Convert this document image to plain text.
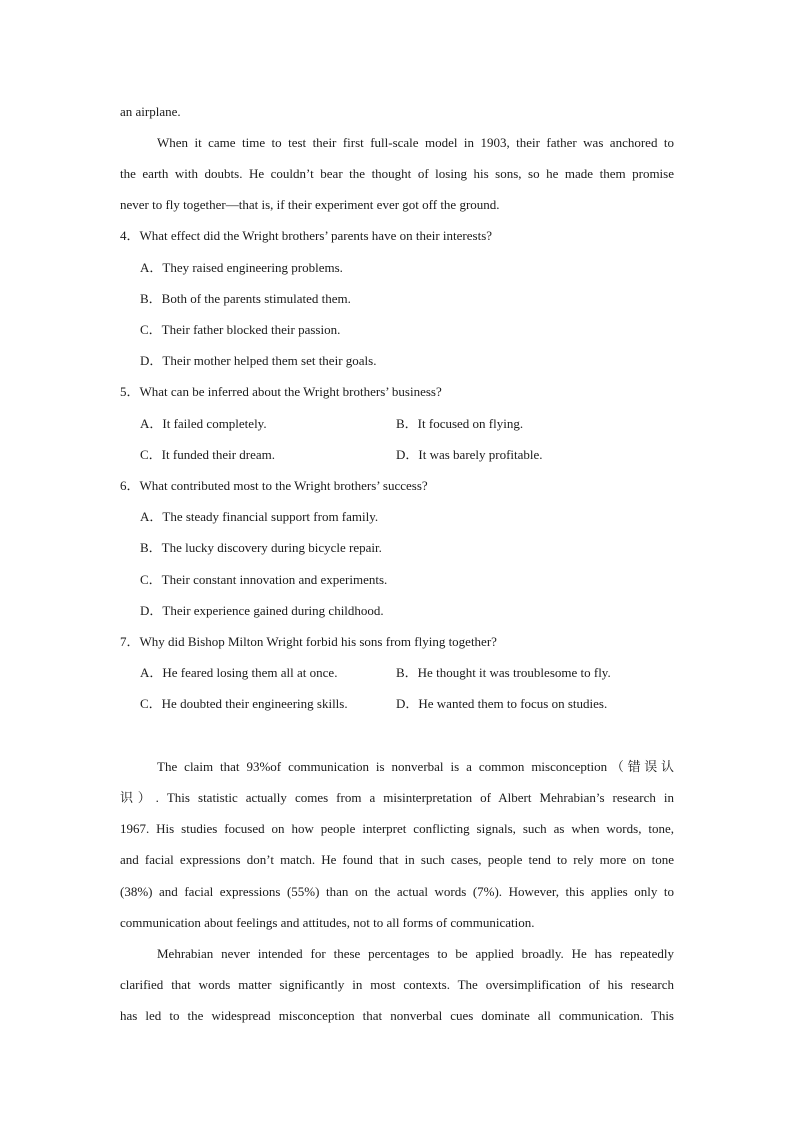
an airplane.
When it came time to test their first full-scale model in 1903, their father was anchored to
the earth with doubts. He couldn’t bear the thought of losing his sons, so he made them promise
never to fly together—that is, if their experiment ever got off the ground.
4．What effect did the Wright brothers’ parents have on their interests?
A．They raised engineering problems.
B．Both of the parents stimulated them.
C．Their father blocked their passion.
D．Their mother helped them set their goals.
5．What can be inferred about the Wright brothers’ business?
A．It failed completely.	B．It focused on flying.
C．It funded their dream.	D．It was barely profitable.
6．What contributed most to the Wright brothers’ success?
A．The steady financial support from family.
B．The lucky discovery during bicycle repair.
C．Their constant innovation and experiments.
D．Their experience gained during childhood.
7．Why did Bishop Milton Wright forbid his sons from flying together?
A．He feared losing them all at once.	B．He thought it was troublesome to fly.
C．He doubted their engineering skills.	D．He wanted them to focus on studies.
The claim that 93%of communication is nonverbal is a common misconception（错误认
识）. This statistic actually comes from a misinterpretation of Albert Mehrabian’s research in
1967. His studies focused on how people interpret conflicting signals, such as when words, tone,
and facial expressions don’t match. He found that in such cases, people tend to rely more on tone
(38%) and facial expressions (55%) than on the actual words (7%). However, this applies only to
communication about feelings and attitudes, not to all forms of communication.
Mehrabian never intended for these percentages to be applied broadly. He has repeatedly
clarified that words matter significantly in most contexts. The oversimplification of his research
has led to the widespread misconception that nonverbal cues dominate all communication. This
